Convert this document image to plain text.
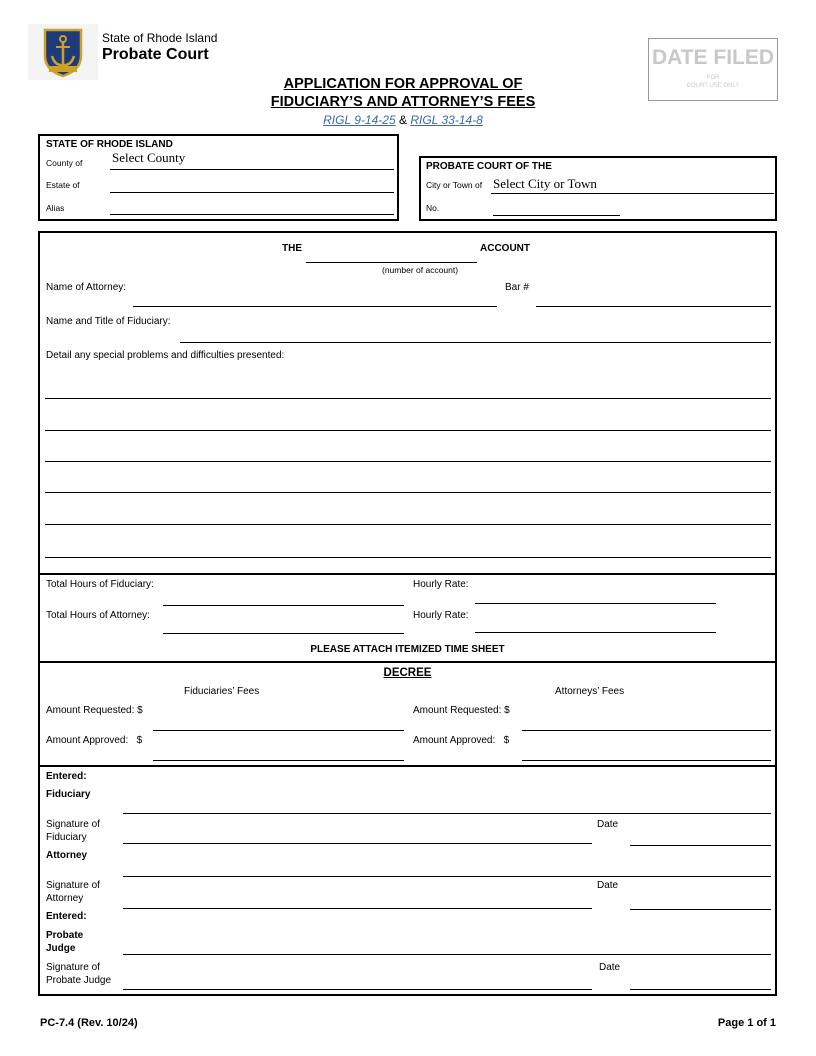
State of Rhode Island
Probate Court	DATE FILED
FOR
COURT USE ONLY
APPLICATION FOR APPROVAL OF
FIDUCIARY’S AND ATTORNEY’S FEES
RIGL 9-14-25 & RIGL 33-14-8
STATE OF RHODE ISLAND
County of Select County
Estate of
Alias
PROBATE COURT OF THE
City or Town of Select City or Town
No.
THE	ACCOUNT
(number of account)
Name of Attorney:	Bar #
Name and Title of Fiduciary:
Detail any special problems and difficulties presented:
Total Hours of Fiduciary:	Hourly Rate:
Total Hours of Attorney:	Hourly Rate:
PLEASE ATTACH ITEMIZED TIME SHEET
DECREE
Fiduciaries’ Fees	Attorneys’ Fees
Amount Requested: $	Amount Requested: $
Amount Approved:   $	Amount Approved:   $
Entered:
Fiduciary
Signature of
Fiduciary
Date
Attorney
Signature of
Attorney
Date
Entered:
Probate
Judge
Signature of
Probate Judge
Date
PC-7.4 (Rev. 10/24)	Page 1 of 1
